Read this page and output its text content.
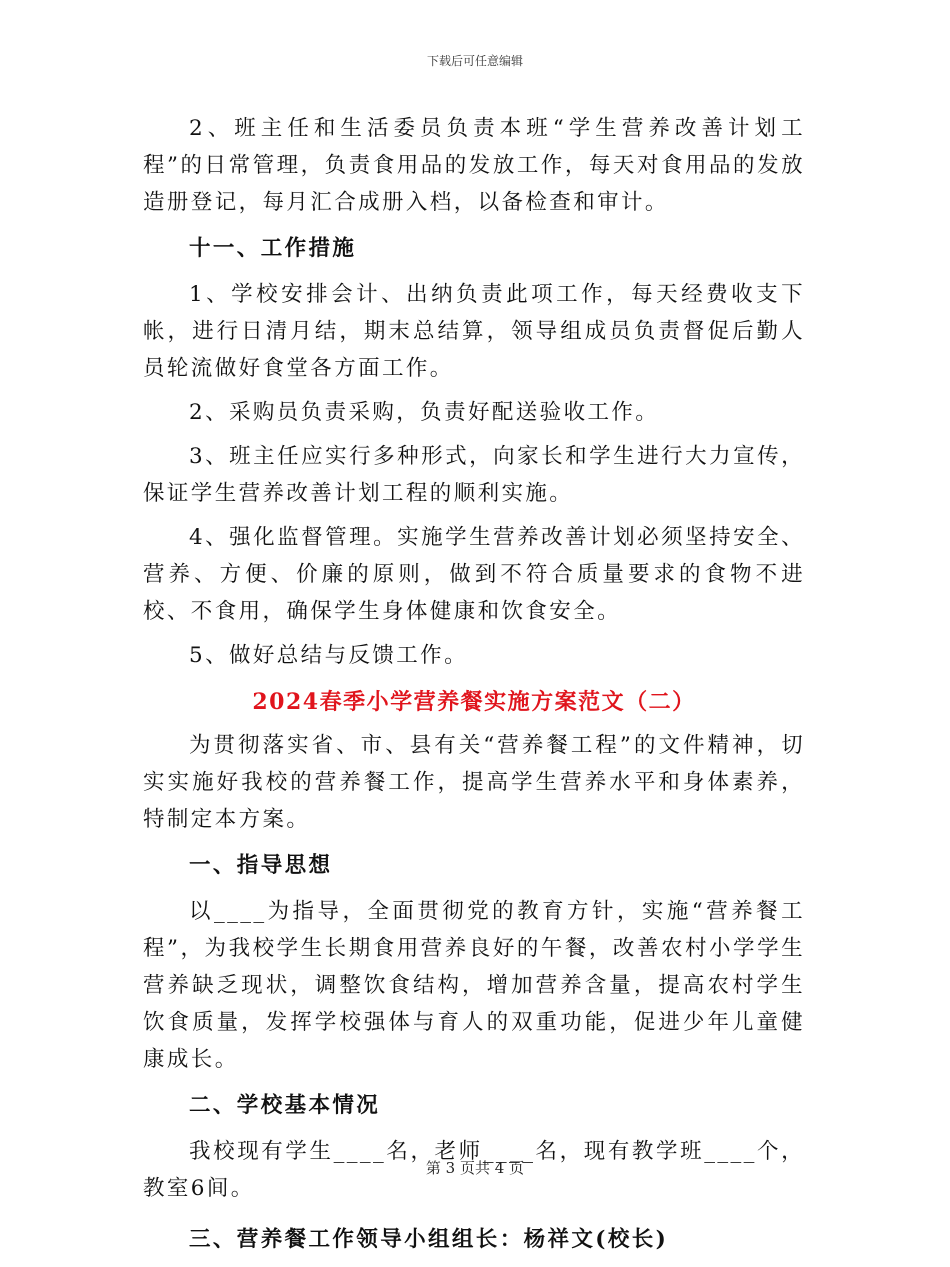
下载后可任意编辑

2、班主任和生活委员负责本班“学生营养改善计划工程”的日常管理，负责食用品的发放工作，每天对食用品的发放造册登记，每月汇合成册入档，以备检查和审计。

十一、工作措施

1、学校安排会计、出纳负责此项工作，每天经费收支下帐，进行日清月结，期末总结算，领导组成员负责督促后勤人员轮流做好食堂各方面工作。

2、采购员负责采购，负责好配送验收工作。

3、班主任应实行多种形式，向家长和学生进行大力宣传，保证学生营养改善计划工程的顺利实施。

4、强化监督管理。实施学生营养改善计划必须坚持安全、营养、方便、价廉的原则，做到不符合质量要求的食物不进校、不食用，确保学生身体健康和饮食安全。

5、做好总结与反馈工作。

2024春季小学营养餐实施方案范文（二）

为贯彻落实省、市、县有关“营养餐工程”的文件精神，切实实施好我校的营养餐工作，提高学生营养水平和身体素养，特制定本方案。

一、指导思想

以____为指导，全面贯彻党的教育方针，实施“营养餐工程”，为我校学生长期食用营养良好的午餐，改善农村小学学生营养缺乏现状，调整饮食结构，增加营养含量，提高农村学生饮食质量，发挥学校强体与育人的双重功能，促进少年儿童健康成长。

二、学校基本情况

我校现有学生____名，老师____名，现有教学班____个，教室6间。

三、营养餐工作领导小组组长：杨祥文(校长)

第 3 页共 4 页
